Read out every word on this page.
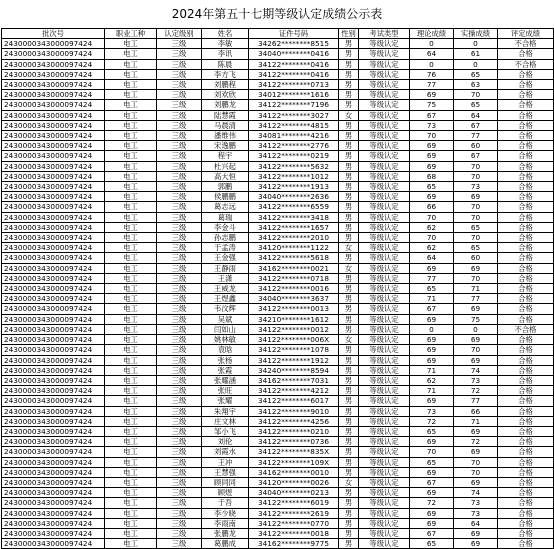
2024年第五十七期等级认定成绩公示表
批次号	职业工种	认定级别	姓名	证件号码	性别	考试类型	理论成绩	实操成绩	评定成绩
2430000343000097424	电工	三级	李敏	34262********8515	男	等级认定	0	0	不合格
2430000343000097424	电工	三级	李讯	34040********0416	男	等级认定	64	61	合格
2430000343000097424	电工	三级	陈晨	34122********0416	男	等级认定	0	0	不合格
2430000343000097424	电工	三级	李方飞	34122********0416	男	等级认定	76	65	合格
2430000343000097424	电工	三级	刘鹏程	34122********0713	男	等级认定	77	63	合格
2430000343000097424	电工	三级	刘欢欣	34012********1616	男	等级认定	69	70	合格
2430000343000097424	电工	三级	刘鹏龙	34122********7196	男	等级认定	75	65	合格
2430000343000097424	电工	三级	陆慧霞	34122********3027	女	等级认定	67	64	合格
2430000343000097424	电工	三级	马晨清	34122********4815	男	等级认定	73	67	合格
2430000343000097424	电工	三级	潘维伟	34081********4216	男	等级认定	70	77	合格
2430000343000097424	电工	三级	宋逸鹏	34122********2776	男	等级认定	69	60	合格
2430000343000097424	电工	三级	程宇	34122********0219	男	等级认定	69	67	合格
2430000343000097424	电工	三级	杜兴起	34122********5632	男	等级认定	69	70	合格
2430000343000097424	电工	三级	高大恒	34122********1012	男	等级认定	68	70	合格
2430000343000097424	电工	三级	郭鹏	34122********1913	男	等级认定	65	73	合格
2430000343000097424	电工	三级	侯鹏鹏	34040********2636	男	等级认定	69	69	合格
2430000343000097424	电工	三级	葛志远	34122********6559	男	等级认定	66	70	合格
2430000343000097424	电工	三级	葛瑞	34122********3418	男	等级认定	70	70	合格
2430000343000097424	电工	三级	李金斗	34122********1657	男	等级认定	62	65	合格
2430000343000097424	电工	三级	孙志鹏	34122********2010	男	等级认定	70	70	合格
2430000343000097424	电工	三级	于孟涛	34120********1122	女	等级认定	62	65	合格
2430000343000097424	电工	三级	王金强	34122********5618	男	等级认定	64	60	合格
2430000343000097424	电工	三级	王静雨	34162********0021	女	等级认定	69	69	合格
2430000343000097424	电工	三级	王潇	34122********0718	男	等级认定	77	70	合格
2430000343000097424	电工	三级	王威龙	34122********0016	男	等级认定	65	71	合格
2430000343000097424	电工	三级	王煜鑫	34040********3637	男	等级认定	71	77	合格
2430000343000097424	电工	三级	韦汶辉	34122********0013	男	等级认定	67	69	合格
2430000343000097424	电工	三级	吴斌	34210********1612	男	等级认定	69	75	合格
2430000343000097424	电工	三级	闫如山	34122********0012	男	等级认定	0	0	不合格
2430000343000097424	电工	三级	姚林敏	34122********006X	女	等级认定	69	69	合格
2430000343000097424	电工	三级	袁晗	34122********1078	男	等级认定	69	70	合格
2430000343000097424	电工	三级	张杨	34122********1912	男	等级认定	69	69	合格
2430000343000097424	电工	三级	张霞	34240********8594	男	等级认定	71	74	合格
2430000343000097424	电工	三级	张耀涵	34162********7031	男	等级认定	62	73	合格
2430000343000097424	电工	三级	张旺	34122********4212	男	等级认定	71	72	合格
2430000343000097424	电工	三级	张耀	34122********6017	男	等级认定	69	77	合格
2430000343000097424	电工	三级	朱翔宇	34122********9010	男	等级认定	73	66	合格
2430000343000097424	电工	三级	庄文林	34122********4256	男	等级认定	72	71	合格
2430000343000097424	电工	三级	邹小飞	34122********0210	男	等级认定	65	69	合格
2430000343000097424	电工	三级	刘伦	34122********0736	男	等级认定	69	72	合格
2430000343000097424	电工	三级	刘霞水	34122********835X	男	等级认定	70	69	合格
2430000343000097424	电工	三级	王冲	34122********109X	男	等级认定	65	70	合格
2430000343000097424	电工	三级	王慧强	34162********0010	男	等级认定	69	70	合格
2430000343000097424	电工	三级	顾同同	34120********0026	女	等级认定	67	69	合格
2430000343000097424	电工	三级	顾煜	34040********0213	男	等级认定	69	74	合格
2430000343000097424	电工	三级	于吾	34122********6019	男	等级认定	72	73	合格
2430000343000097424	电工	三级	李少晓	34122********2619	男	等级认定	69	73	合格
2430000343000097424	电工	三级	李雨南	34122********0770	男	等级认定	69	64	合格
2430000343000097424	电工	三级	张鹏龙	34122********0018	男	等级认定	67	69	合格
2430000343000097424	电工	三级	葛鹏成	34162********9775	男	等级认定	65	69	合格
